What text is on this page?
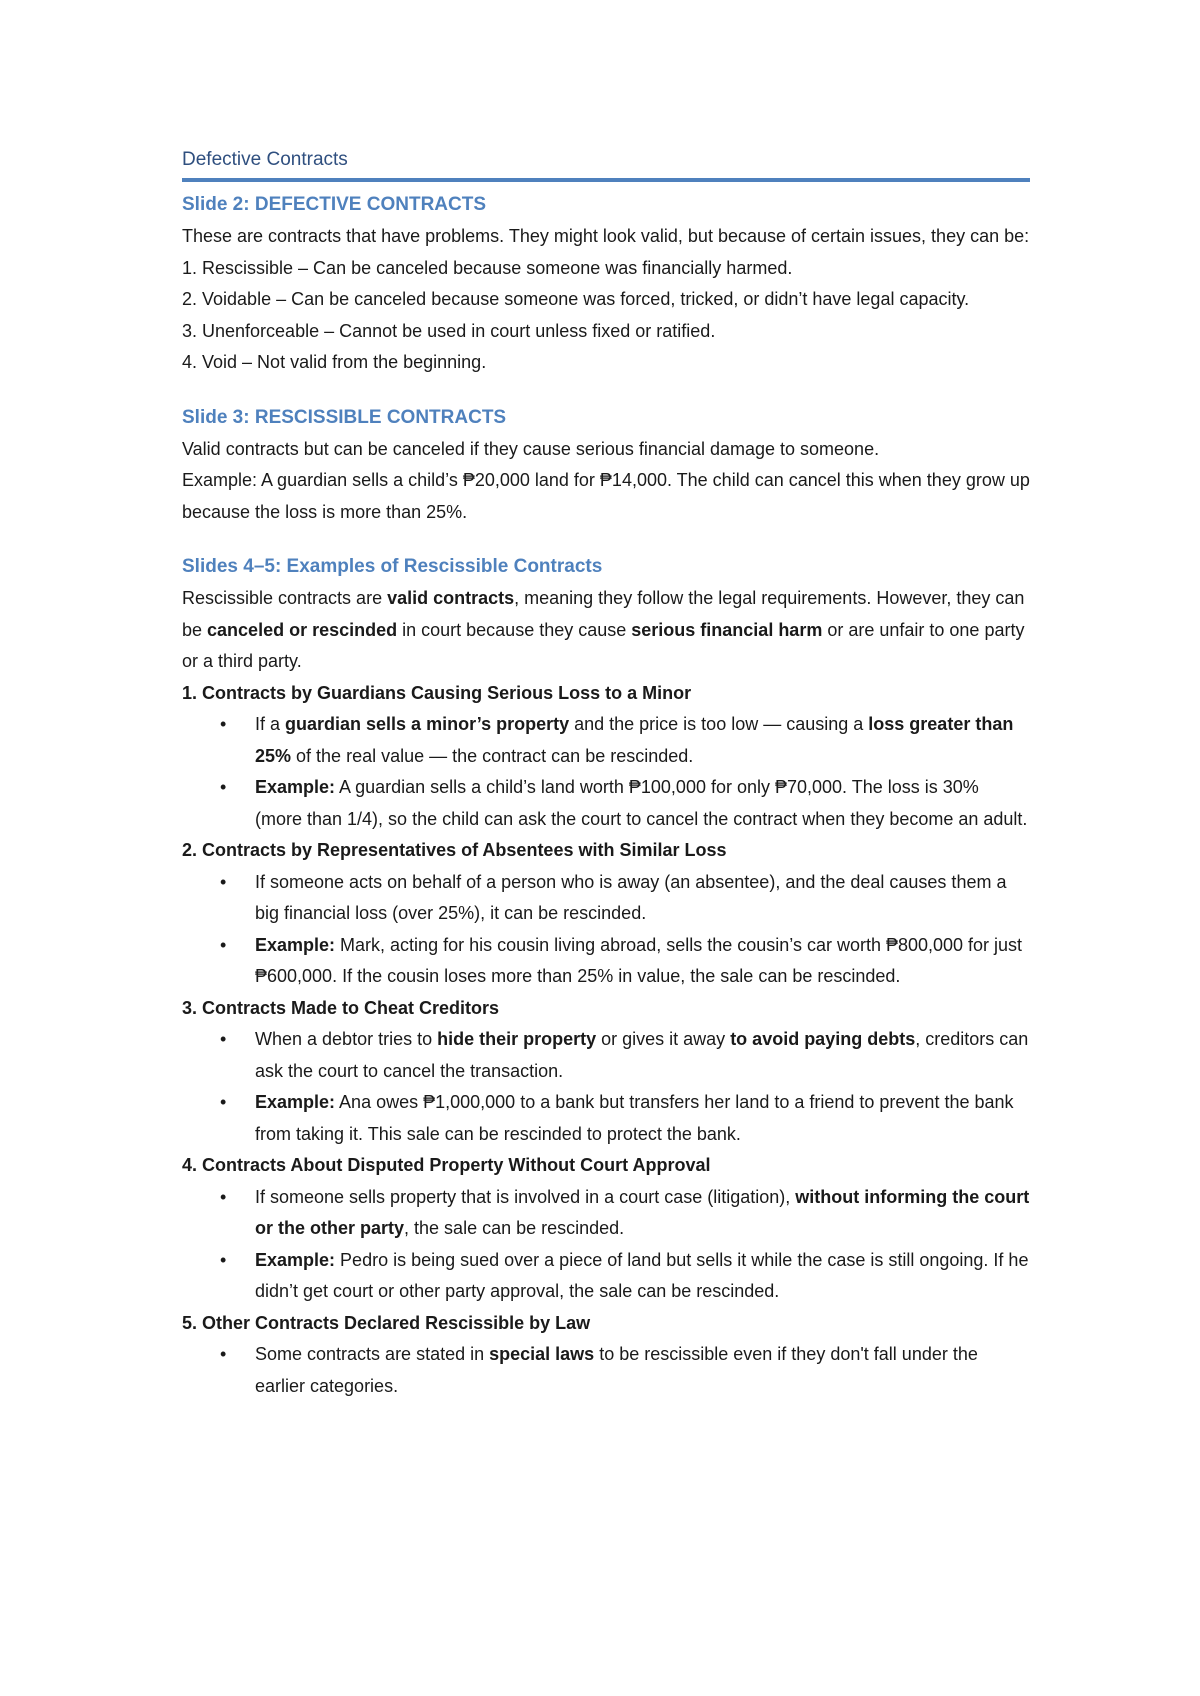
Defective Contracts
Slide 2: DEFECTIVE CONTRACTS

These are contracts that have problems. They might look valid, but because of certain issues, they can be:

1. Rescissible – Can be canceled because someone was financially harmed.

2. Voidable – Can be canceled because someone was forced, tricked, or didn’t have legal capacity.

3. Unenforceable – Cannot be used in court unless fixed or ratified.

4. Void – Not valid from the beginning.

Slide 3: RESCISSIBLE CONTRACTS

Valid contracts but can be canceled if they cause serious financial damage to someone.

Example: A guardian sells a child’s ₱20,000 land for ₱14,000. The child can cancel this when they grow up because the loss is more than 25%.

Slides 4–5: Examples of Rescissible Contracts

Rescissible contracts are valid contracts, meaning they follow the legal requirements. However, they can be canceled or rescinded in court because they cause serious financial harm or are unfair to one party or a third party.

1. Contracts by Guardians Causing Serious Loss to a Minor

• If a guardian sells a minor’s property and the price is too low — causing a loss greater than 25% of the real value — the contract can be rescinded.
• Example: A guardian sells a child’s land worth ₱100,000 for only ₱70,000. The loss is 30% (more than 1/4), so the child can ask the court to cancel the contract when they become an adult.

2. Contracts by Representatives of Absentees with Similar Loss

• If someone acts on behalf of a person who is away (an absentee), and the deal causes them a big financial loss (over 25%), it can be rescinded.
• Example: Mark, acting for his cousin living abroad, sells the cousin’s car worth ₱800,000 for just ₱600,000. If the cousin loses more than 25% in value, the sale can be rescinded.

3. Contracts Made to Cheat Creditors

• When a debtor tries to hide their property or gives it away to avoid paying debts, creditors can ask the court to cancel the transaction.
• Example: Ana owes ₱1,000,000 to a bank but transfers her land to a friend to prevent the bank from taking it. This sale can be rescinded to protect the bank.

4. Contracts About Disputed Property Without Court Approval

• If someone sells property that is involved in a court case (litigation), without informing the court or the other party, the sale can be rescinded.
• Example: Pedro is being sued over a piece of land but sells it while the case is still ongoing. If he didn’t get court or other party approval, the sale can be rescinded.

5. Other Contracts Declared Rescissible by Law

• Some contracts are stated in special laws to be rescissible even if they don't fall under the earlier categories.
